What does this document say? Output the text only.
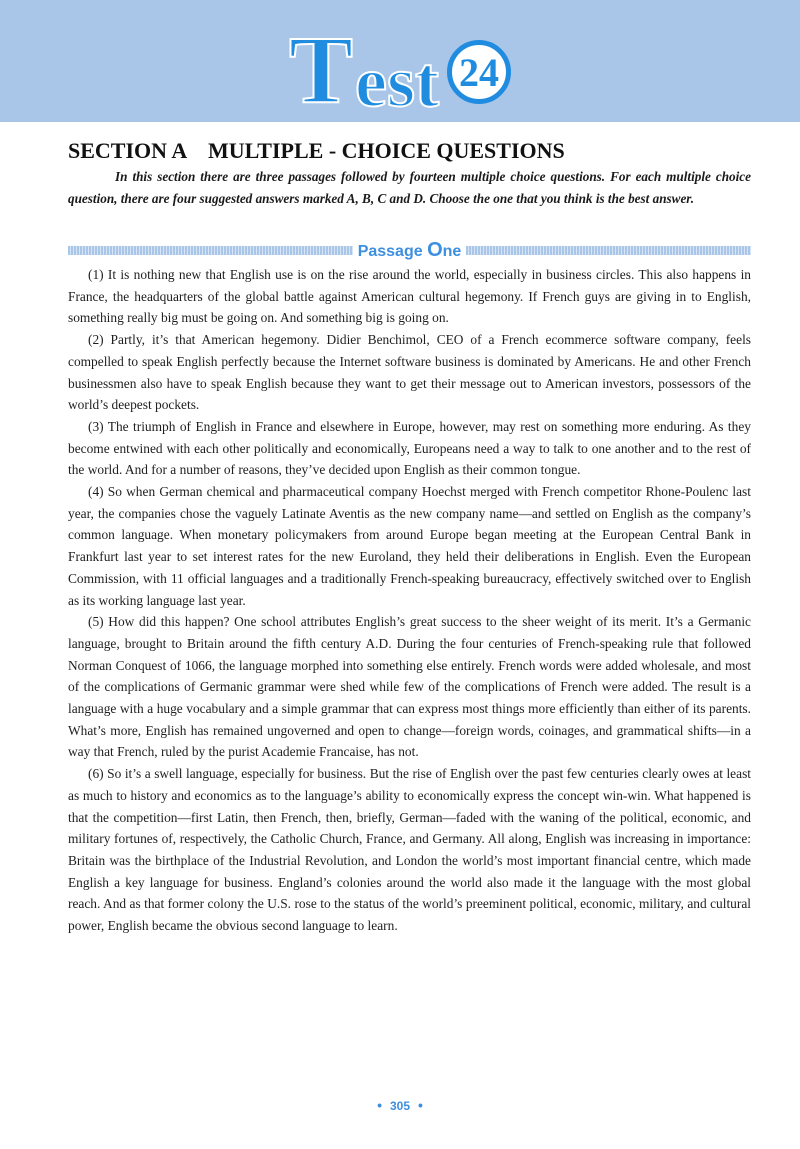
T est 24
SECTION A    MULTIPLE - CHOICE QUESTIONS
In this section there are three passages followed by fourteen multiple choice questions. For each multiple choice question, there are four suggested answers marked A, B, C and D. Choose the one that you think is the best answer.
Passage One

(1) It is nothing new that English use is on the rise around the world, especially in business circles. This also happens in France, the headquarters of the global battle against American cultural hegemony. If French guys are giving in to English, something really big must be going on. And something big is going on.

(2) Partly, it’s that American hegemony. Didier Benchimol, CEO of a French ecommerce software company, feels compelled to speak English perfectly because the Internet software business is dominated by Americans. He and other French businessmen also have to speak English because they want to get their message out to American investors, possessors of the world’s deepest pockets.

(3) The triumph of English in France and elsewhere in Europe, however, may rest on something more enduring. As they become entwined with each other politically and economically, Europeans need a way to talk to one another and to the rest of the world. And for a number of reasons, they’ve decided upon English as their common tongue.

(4) So when German chemical and pharmaceutical company Hoechst merged with French competitor Rhone-Poulenc last year, the companies chose the vaguely Latinate Aventis as the new company name—and settled on English as the company’s common language. When monetary policymakers from around Europe began meeting at the European Central Bank in Frankfurt last year to set interest rates for the new Euroland, they held their deliberations in English. Even the European Commission, with 11 official languages and a traditionally French-speaking bureaucracy, effectively switched over to English as its working language last year.

(5) How did this happen? One school attributes English’s great success to the sheer weight of its merit. It’s a Germanic language, brought to Britain around the fifth century A.D. During the four centuries of French-speaking rule that followed Norman Conquest of 1066, the language morphed into something else entirely. French words were added wholesale, and most of the complications of Germanic grammar were shed while few of the complications of French were added. The result is a language with a huge vocabulary and a simple grammar that can express most things more efficiently than either of its parents. What’s more, English has remained ungoverned and open to change—foreign words, coinages, and grammatical shifts—in a way that French, ruled by the purist Academie Francaise, has not.

(6) So it’s a swell language, especially for business. But the rise of English over the past few centuries clearly owes at least as much to history and economics as to the language’s ability to economically express the concept win-win. What happened is that the competition—first Latin, then French, then, briefly, German—faded with the waning of the political, economic, and military fortunes of, respectively, the Catholic Church, France, and Germany. All along, English was increasing in importance: Britain was the birthplace of the Industrial Revolution, and London the world’s most important financial centre, which made English a key language for business. England’s colonies around the world also made it the language with the most global reach. And as that former colony the U.S. rose to the status of the world’s preeminent political, economic, military, and cultural power, English became the obvious second language to learn.

• 305 •
